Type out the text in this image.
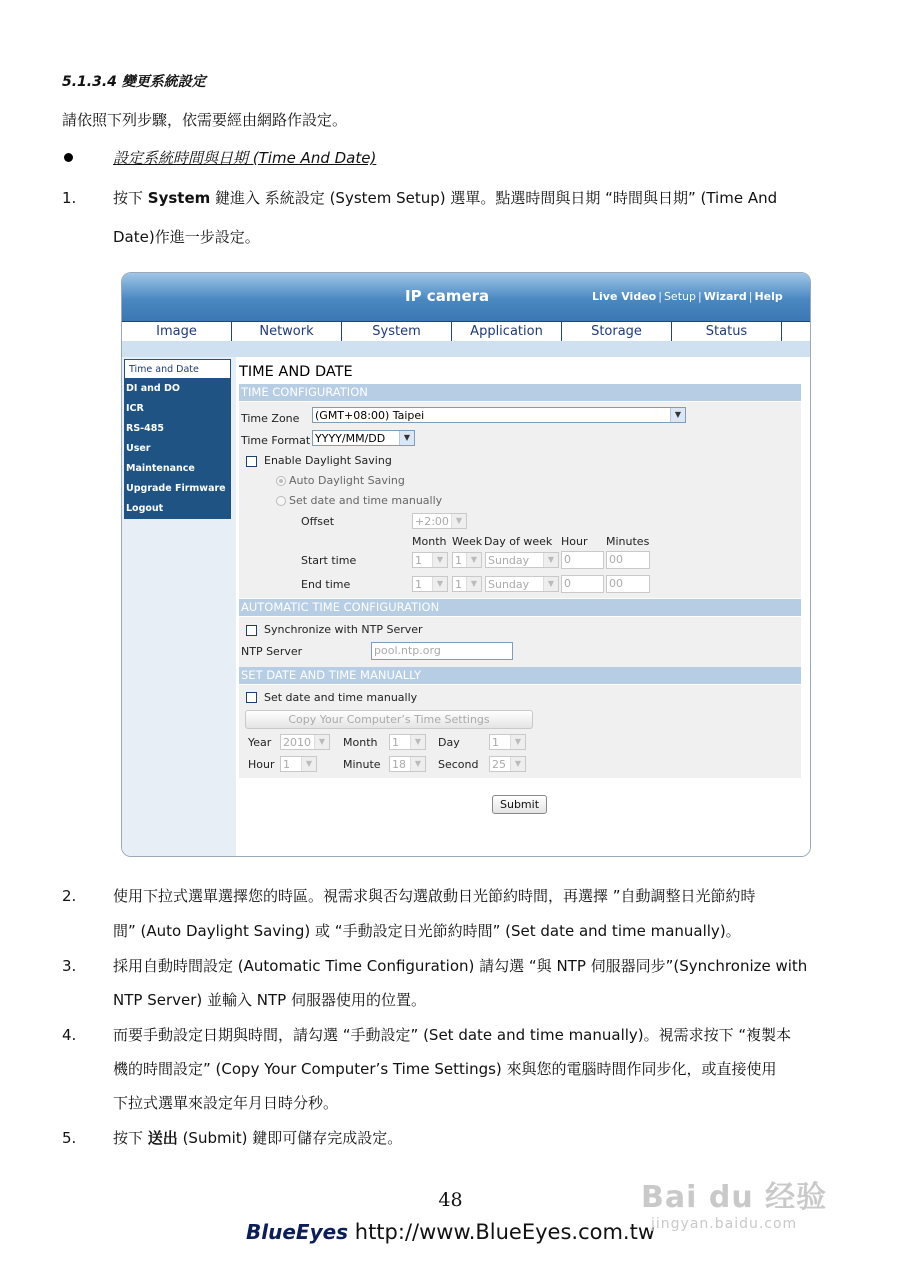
5.1.3.4 變更系統設定
請依照下列步驟，依需要經由網路作設定。
設定系統時間與日期 (Time And Date)
1.	按下 System 鍵進入 系統設定 (System Setup) 選單。點選時間與日期 “時間與日期” (Time And
Date)作進一步設定。
IP camera	Live Video | Setup | Wizard | Help
Image	Network	System	Application	Storage	Status
Time and Date
DI and DO
ICR
RS-485
User
Maintenance
Upgrade Firmware
Logout
TIME AND DATE
TIME CONFIGURATION
Time Zone (GMT+08:00) Taipei	▼
Time Format YYYY/MM/DD	▼
Enable Daylight Saving
Auto Daylight Saving
Set date and time manually
Offset	+2:00 ▼
Month Week Day of week Hour Minutes
Start time	1	▼	1	▼ Sunday	▼ 0	00
End time	1	▼	1	▼ Sunday	▼ 0	00
AUTOMATIC TIME CONFIGURATION
Synchronize with NTP Server
NTP Server	pool.ntp.org
SET DATE AND TIME MANUALLY
Set date and time manually
Copy Your Computer’s Time Settings
Year 2010 ▼	Month 1	▼	Day	1	▼
Hour 1	▼	Minute 18	▼	Second 25	▼
Submit
2.	使用下拉式選單選擇您的時區。視需求與否勾選啟動日光節約時間，再選擇 ”自動調整日光節約時
間” (Auto Daylight Saving) 或 “手動設定日光節約時間” (Set date and time manually)。
3.	採用自動時間設定 (Automatic Time Configuration) 請勾選 “與 NTP 伺服器同步”(Synchronize with
NTP Server) 並輸入 NTP 伺服器使用的位置。
4.	而要手動設定日期與時間，請勾選 “手動設定” (Set date and time manually)。視需求按下 “複製本
機的時間設定” (Copy Your Computer’s Time Settings) 來與您的電腦時間作同步化，或直接使用
下拉式選單來設定年月日時分秒。
5.	按下 送出 (Submit) 鍵即可儲存完成設定。
48
BlueEyes http://www.BlueEyes.com.tw
Bai du 经验
jingyan.baidu.com
